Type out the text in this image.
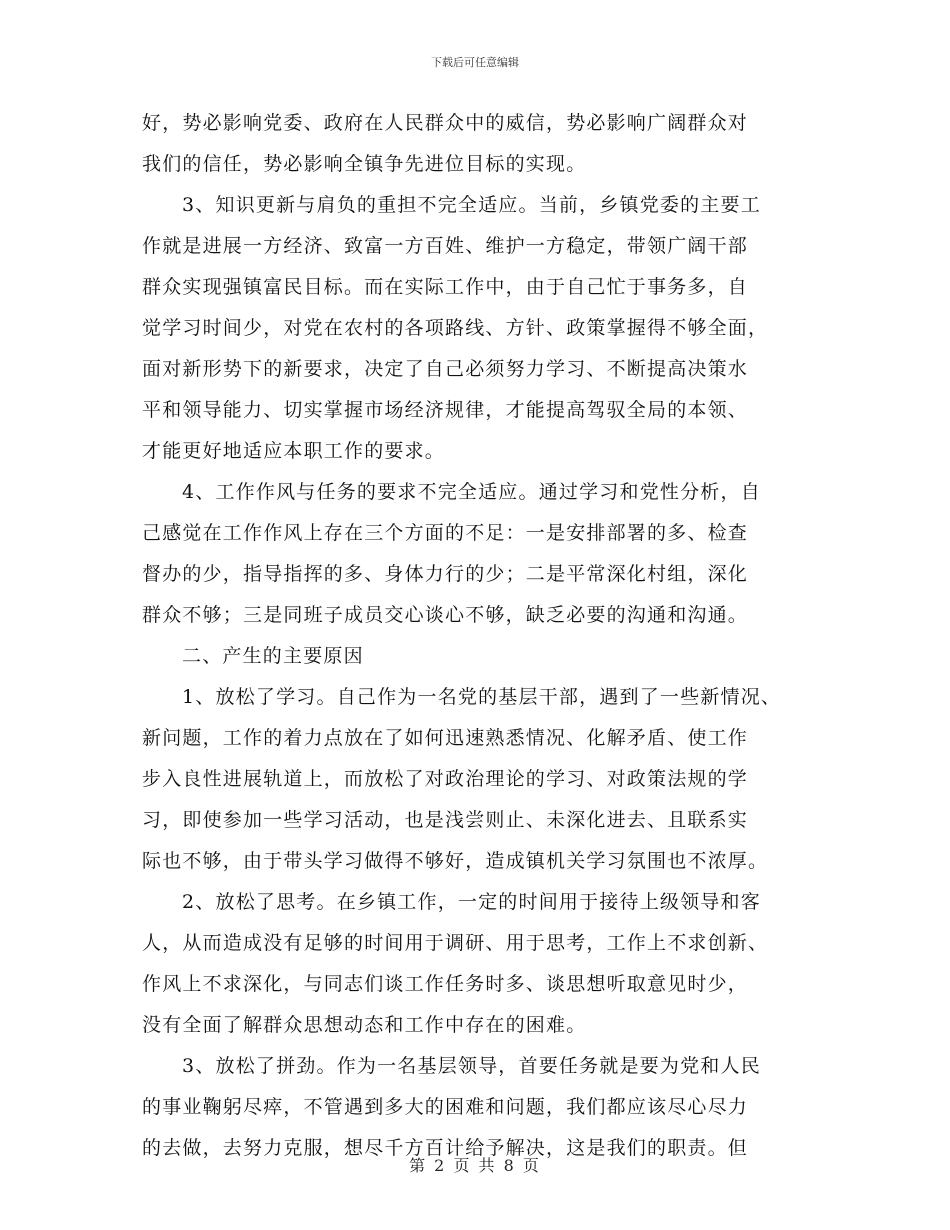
下载后可任意编辑
好，势必影响党委、政府在人民群众中的威信，势必影响广阔群众对
我们的信任，势必影响全镇争先进位目标的实现。
3、知识更新与肩负的重担不完全适应。当前，乡镇党委的主要工
作就是进展一方经济、致富一方百姓、维护一方稳定，带领广阔干部
群众实现强镇富民目标。而在实际工作中，由于自己忙于事务多，自
觉学习时间少，对党在农村的各项路线、方针、政策掌握得不够全面，
面对新形势下的新要求，决定了自己必须努力学习、不断提高决策水
平和领导能力、切实掌握市场经济规律，才能提高驾驭全局的本领、
才能更好地适应本职工作的要求。
4、工作作风与任务的要求不完全适应。通过学习和党性分析，自
己感觉在工作作风上存在三个方面的不足：一是安排部署的多、检查
督办的少，指导指挥的多、身体力行的少；二是平常深化村组，深化
群众不够；三是同班子成员交心谈心不够，缺乏必要的沟通和沟通。
二、产生的主要原因
1、放松了学习。自己作为一名党的基层干部，遇到了一些新情况、
新问题，工作的着力点放在了如何迅速熟悉情况、化解矛盾、使工作
步入良性进展轨道上，而放松了对政治理论的学习、对政策法规的学
习，即使参加一些学习活动，也是浅尝则止、未深化进去、且联系实
际也不够，由于带头学习做得不够好，造成镇机关学习氛围也不浓厚。
2、放松了思考。在乡镇工作，一定的时间用于接待上级领导和客
人，从而造成没有足够的时间用于调研、用于思考，工作上不求创新、
作风上不求深化，与同志们谈工作任务时多、谈思想听取意见时少，
没有全面了解群众思想动态和工作中存在的困难。
3、放松了拼劲。作为一名基层领导，首要任务就是要为党和人民
的事业鞠躬尽瘁，不管遇到多大的困难和问题，我们都应该尽心尽力
的去做，去努力克服，想尽千方百计给予解决，这是我们的职责。但
第 2 页 共 8 页
